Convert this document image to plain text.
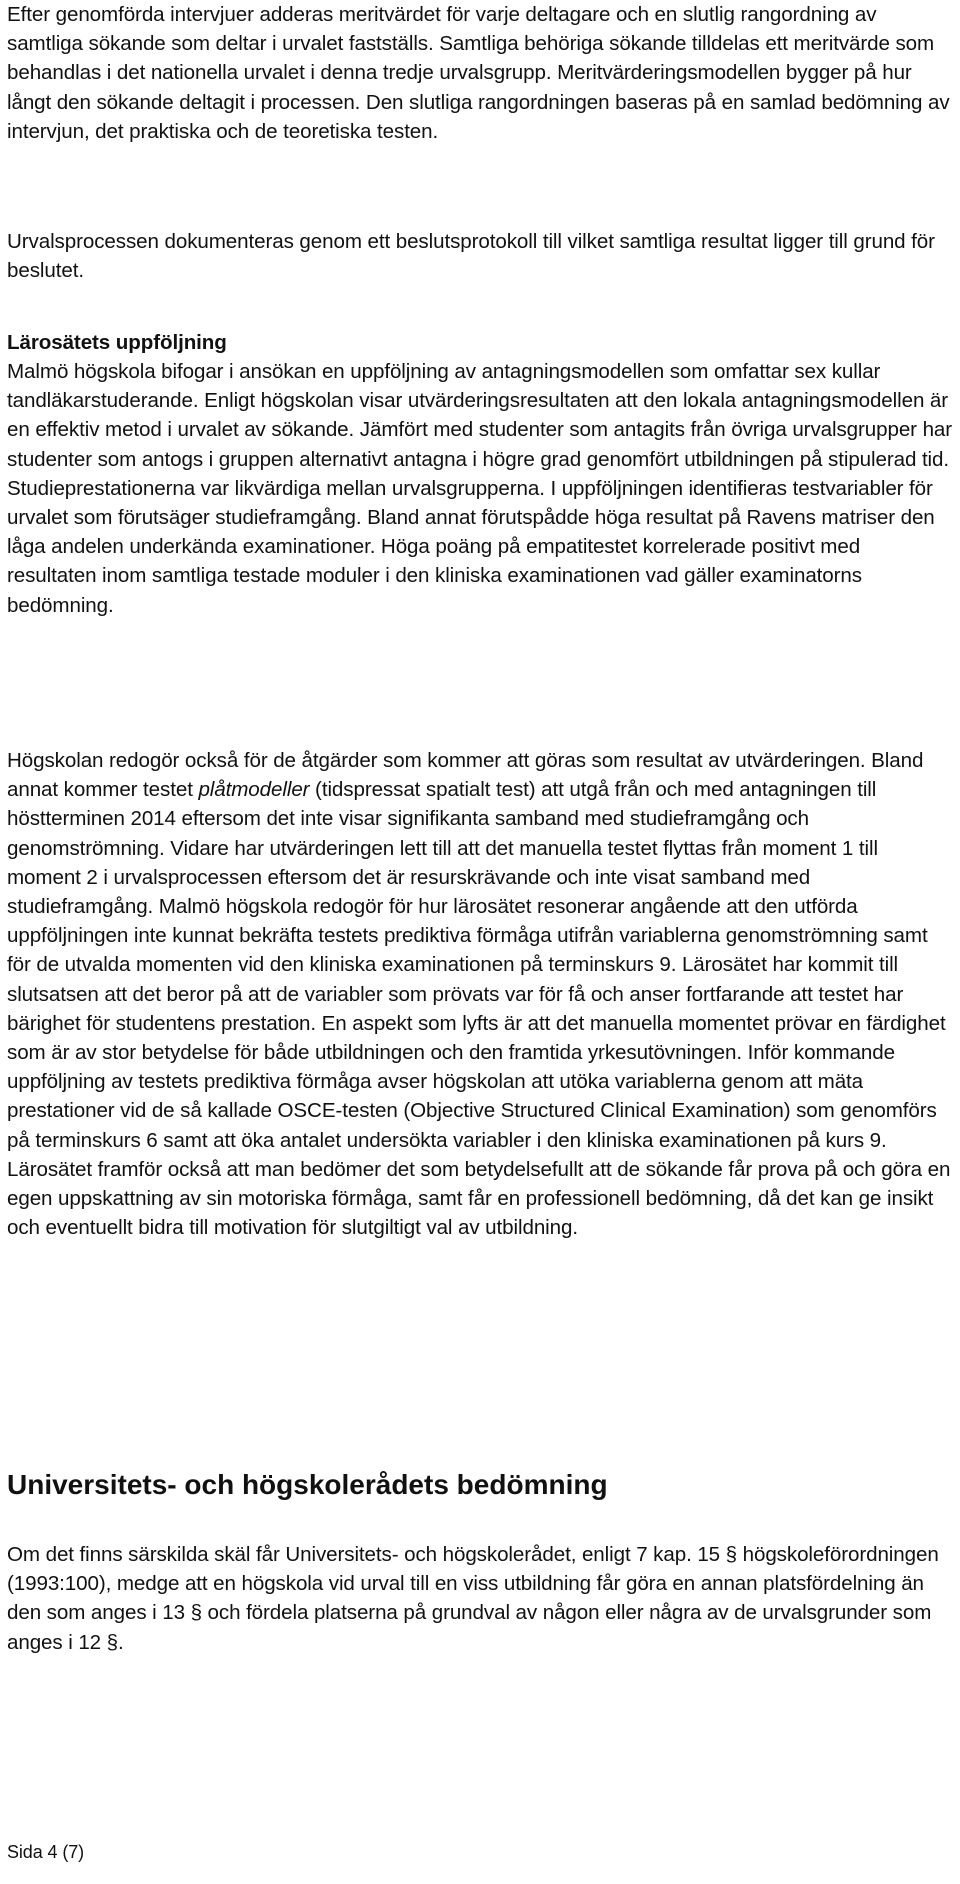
Efter genomförda intervjuer adderas meritvärdet för varje deltagare och en slutlig rangordning av samtliga sökande som deltar i urvalet fastställs. Samtliga behöriga sökande tilldelas ett meritvärde som behandlas i det nationella urvalet i denna tredje urvalsgrupp. Meritvärderingsmodellen bygger på hur långt den sökande deltagit i processen. Den slutliga rangordningen baseras på en samlad bedömning av intervjun, det praktiska och de teoretiska testen.

Urvalsprocessen dokumenteras genom ett beslutsprotokoll till vilket samtliga resultat ligger till grund för beslutet.

Lärosätets uppföljning

Malmö högskola bifogar i ansökan en uppföljning av antagningsmodellen som omfattar sex kullar tandläkarstuderande. Enligt högskolan visar utvärderingsresultaten att den lokala antagningsmodellen är en effektiv metod i urvalet av sökande. Jämfört med studenter som antagits från övriga urvalsgrupper har studenter som antogs i gruppen alternativt antagna i högre grad genomfört utbildningen på stipulerad tid. Studieprestationerna var likvärdiga mellan urvalsgrupperna. I uppföljningen identifieras testvariabler för urvalet som förutsäger studieframgång. Bland annat förutspådde höga resultat på Ravens matriser den låga andelen underkända examinationer. Höga poäng på empatitestet korrelerade positivt med resultaten inom samtliga testade moduler i den kliniska examinationen vad gäller examinatorns bedömning.

Högskolan redogör också för de åtgärder som kommer att göras som resultat av utvärderingen. Bland annat kommer testet plåtmodeller (tidspressat spatialt test) att utgå från och med antagningen till höstterminen 2014 eftersom det inte visar signifikanta samband med studieframgång och genomströmning. Vidare har utvärderingen lett till att det manuella testet flyttas från moment 1 till moment 2 i urvalsprocessen eftersom det är resurskrävande och inte visat samband med studieframgång. Malmö högskola redogör för hur lärosätet resonerar angående att den utförda uppföljningen inte kunnat bekräfta testets prediktiva förmåga utifrån variablerna genomströmning samt för de utvalda momenten vid den kliniska examinationen på terminskurs 9. Lärosätet har kommit till slutsatsen att det beror på att de variabler som prövats var för få och anser fortfarande att testet har bärighet för studentens prestation. En aspekt som lyfts är att det manuella momentet prövar en färdighet som är av stor betydelse för både utbildningen och den framtida yrkesutövningen. Inför kommande uppföljning av testets prediktiva förmåga avser högskolan att utöka variablerna genom att mäta prestationer vid de så kallade OSCE-testen (Objective Structured Clinical Examination) som genomförs på terminskurs 6 samt att öka antalet undersökta variabler i den kliniska examinationen på kurs 9. Lärosätet framför också att man bedömer det som betydelsefullt att de sökande får prova på och göra en egen uppskattning av sin motoriska förmåga, samt får en professionell bedömning, då det kan ge insikt och eventuellt bidra till motivation för slutgiltigt val av utbildning.

Universitets- och högskolerådets bedömning

Om det finns särskilda skäl får Universitets- och högskolerådet, enligt 7 kap. 15 § högskoleförordningen (1993:100), medge att en högskola vid urval till en viss utbildning får göra en annan platsfördelning än den som anges i 13 § och fördela platserna på grundval av någon eller några av de urvalsgrunder som anges i 12 §.

Sida 4 (7)
